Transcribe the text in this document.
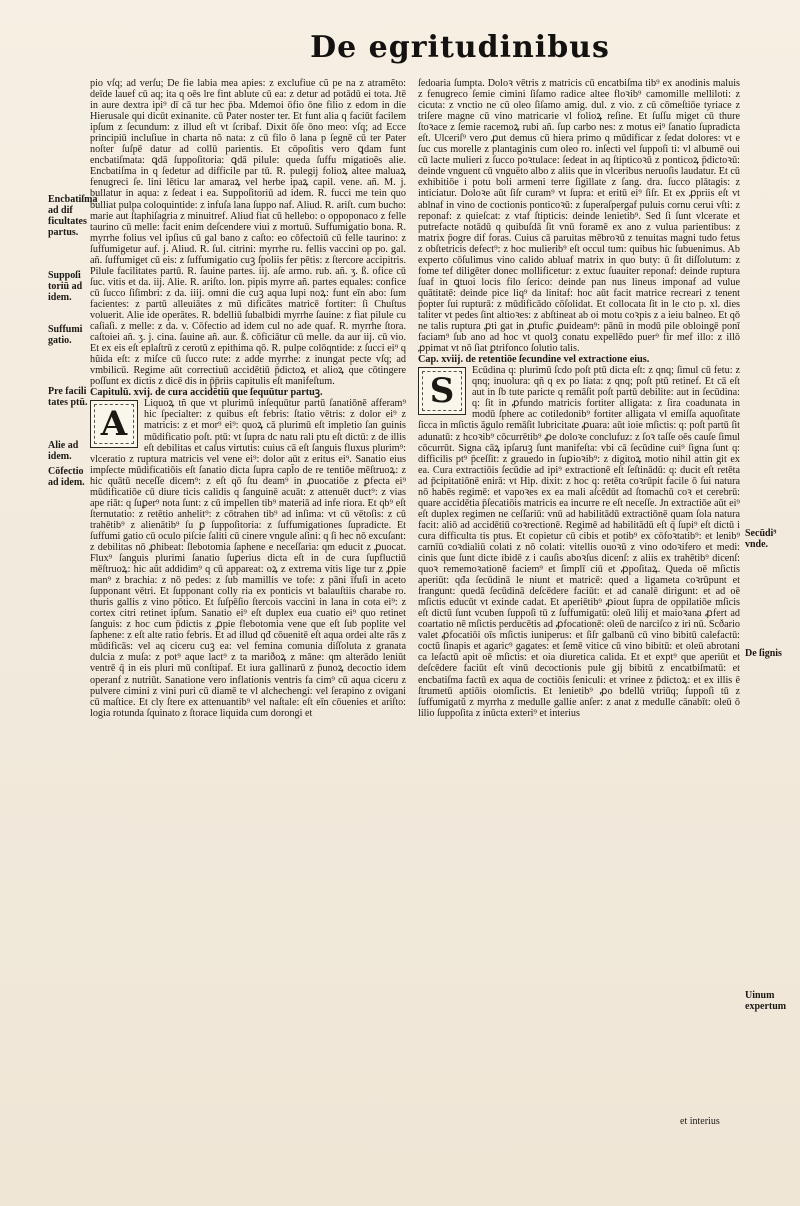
De egritudinibus
Encbatiſma ad dif ficultates partus.
Suppoſi toriū ad idem.
Suffumi gatio.
Pre facili tates ptū.
Alie ad idem.
Cōfectio ad idem.
Secūdi⁹ vnde.
De ſignis
Uinum expertum

pio vſq; ad verſu; De fie labia mea apies: z exclufiue cũ pe na z atramẽto: deīde lauef cū aq; ita q oēs lre fint ablute cū ea: z detur ad potādū ei tota. Jtē in aure dextra ipi⁹ dī cā tur hec p̄ba. Mdemoi ōfio ōne filio z edom in die Hierusale qui dicūt exinanite. cū Pater noster ter. Et funt alia q faciūt facilem ipſum z ſecundum: z illud eſt vt ſcribaf. Dixit ōſe ōno meo: vſq; ad Ecce principiū incluſiue in charta nõ nata: z cū filo ō lana p ſegnē cū ter Pater noſter ſuſpē datur ad collū parientis. Et cōpoſitis vero ꝗdam funt encbatiſmata: ꝗdā ſuppoſitoria: ꝗdā pilule: queda ſuffu migatioēs alie. Encbatiſma in q ſedetur ad difficile par tū. R. pulegij folioꝝ altee maluaꝝ fenugreci ſe. lini lēticu lar amaraꝝ vel herbe ipaꝝ capil. vene. añ. M. j. bullatur in aqua: z ſedeat i ea. Suppoſitoriū ad idem. R. fucci me tein quo bulliat pulpa coloquintide: z infuſa lana ſuppo naf. Aliud. R. ariſt. cum bucho: marie aut ſtaphiſagria z minuitref. Aliud fiat cū hellebo: o oppoponaco z felle taurino cū melle: facit enim deſcendere viui z mortuū. Suffumigatio bona. R. myrrhe folius vel ipſius cū gal bano z caſto: eo cōfectoiū cū felle taurino: z ſuffumigetur auf. j. Aliud. R. ſul. citrini: myrrhe ru. fellis vaccini op po. gal. añ. ſuffumiget cū eis: z ſuffumigatio cuꝫ ſpoliis fer pētis: z ſtercore accipitris. Pilule facilitates partū. R. ſauine partes. iij. aſe armo. rub. añ. ʒ. ß. ofice cū ſuc. vitis et da. iij. Alie. R. ariſto. lon. pipis myrre añ. partes equales: confice cū ſucco ſiſimbri: z da. iiij. omni die cuꝫ aqua lupi noꝝ: funt eīn abo: ſum facientes: z partū alleuiātes z mũ dificātes matricē fortiter: ſi Chuſtus voluerit. Alie ide operātes. R. bdelliū ſubalbidi myrrhe ſauine: z fiat pilule cu caſiaſi. z melle: z da. v. Cōfectio ad idem cul no ade quaf. R. myrrhe ſtora. caſtoiei añ. ʒ. j. cina. ſauine añ. aur. ß. cōficiātur cū melle. da aur iij. cū vio. Et ex eis eſt eplaſtrū z cerotū z epithima qō. R. pulpe colōqntide: z ſucci ei⁹ q hũida eſt: z miſce cū ſucco rute: z adde myrrhe: z inungat pecte vſq; ad vmbilicū. Regime aūt correctiuū accidētiū p̄dictoꝝ et alioꝝ que cōtingere poſſunt ex dictis z dicē dis in p̄p̄riis capitulis eſt manifeſtum.

Capitulū. xvij. de cura accidētiū que ſequūtur partuꝫ.

A

Liquoꝝ tñ que vt plurimū inſequūtur partū ſanatiōnē afferam⁹ hic ſpecialter: z quibus eſt febris: ſtatio vētris: z dolor ei⁹ z matricis: z et mor⁹ ei⁹: quoꝝ cā plurimū eſt impletio ſan guinis mūdificatio poſt. ptū: vt ſupra dc natu rali ptu eſt dictū: z de illis eſt debilitas et caſus virtutis: cuius cā eſt ſanguis fluxus plurim⁹: vlceratio z ruptura matricis vel vene ei⁹: dolor aūt z eritus ei⁹. Sanatio eius impſecte mūdificatiōis eſt ſanatio dicta ſupra capl̄o de re tentiōe mēſtruoꝝ: z hic quātū neceſſe dicem⁹: z eſt qō ſtu deam⁹ in ꝓuocatiōe z ꝑfecta ei⁹ mūdificatiōe cū diure ticis calidis q ſanguinē acuāt: z attenuēt duct⁹: z vias ape riāt: q ſuꝑer⁹ nota ſunt: z cū impellen tib⁹ materiā ad infe riora. Et qb⁹ eſt ſternutatio: z retētio anhelit⁹: z cōtrahen tib⁹ ad inſima: vt cū vētoſis: z cū trahētib⁹ z alienātib⁹ ſu ꝑ ſuppoſitoria: z ſuffumigationes ſupradicte. Et ſuffumi gatio cū oculo piſcie ſaliti cū cinere vngule aſini: q ſi hec nō excuſant: z debilitas nō ꝓhibeat: ſlebotomia ſaphene e neceſſaria: qm educit z ꝓuocat. Flux⁹ ſanguis plurimi ſanatio ſuꝑerius dicta eſt in de cura ſupfluctiū mēſtruoꝝ: hic aūt addidim⁹ q cū appareat: oꝝ z extrema vitis lige tur z ꝓpie man⁹ z brachia: z nō pedes: z ſub mamillis ve tofe: z pāni īfuſi in aceto ſupponant vētri. Et ſupponant colly ria ex ponticis vt balauſtiis charabe ro. thuris gallis z vino pōtico. Et ſuſpēſio ſtercois vaccini in lana in cota ei⁹: z cortex citri retinet ipſum. Sanatio ei⁹ eſt duplex eua cuatio ei⁹ quo retinet ſanguis: z hoc cum p̄dictis z ꝓpie flebotomia vene que eſt ſub poplite vel ſaphene: z eſt alte ratio febris. Et ad illud qđ cōuenitē eſt aqua ordei alte rās z mūdificās: vel aq ciceru cuꝫ ea: vel femina comunia diſſoluta z granata dulcia z muſa: z pot⁹ aque lact⁹ z ta mariðoꝝ z māne: qm alterādo leniūt ventrē q̄ in eis pluri mū conſtipaf. Et iura gallinarū z p̄unoꝝ decoctio idem operanf z nutriūt. Sanatione vero inflationis ventris fa cim⁹ cū aqua ciceru z pulvere cimini z vini puri cū diamē te vl alchechengi: vel ſerapino z ovigani cū maſtice. Et cly ſtere ex attenuantib⁹ vel naſtale: eſt eīn cōuenies et ariſto: logia rotunda ſquinato z ſtorace liquida cum dorongi et

ſedoaria ſumpta. Doloꝛ vētris z matricis cū encatbiſma tib⁹ ex anodinis maluis z fenugreco ſemie cimini ſiſamo radice altee floꝛib⁹ camomille melliloti: z cicuta: z vnctio ne cū oleo ſiſamo amig. dul. z vio. z cū cōmeſtiōe tyriace z triſere magne cū vino matricarie vl folioꝝ reſine. Et ſuſſu miget cū thure ſtoꝛace z ſemie racemoꝝ rubi añ. ſup carbo nes: z motus ei⁹ ſanatio ſupradicta eſt. Ulceriſ⁹ vero ꝓut demus cū hiera primo q mūdificar z ſedat dolores: vt e ſuc cus morelle z plantaginis cum oleo ro. inſecti vel ſuppoſi ti: vl albumē oui cū lacte mulieri z ſucco poꝛtulace: ſedeat in aq ſtipticoꝛū z ponticoꝝ p̄dictoꝛū: deinde vnguent cū vnguēto albo z aliis que in vlceribus neruoſis laudatur. Et cū exhibitiōe i potu boli armeni terre ſigillate z ſang. dra. ſucco plātagis: z inticiatur. Doloꝛe aūt ſiſr curam⁹ vt ſupra: et eritū ei⁹ ſiſr. Et ex ꝓpriis eſt vt ablnaf in vino de coctionis ponticoꝛū: z ſuperaſpergaf puluis cornu cerui vſti: z reponaf: z quieſcat: z vtaf ſtipticis: deinde lenietib⁹. Sed ſi ſunt vlcerate et putrefacte notādū q quibuſdā ſit vnū foramē ex ano z vulua parientibus: z matrix p̄ogre dif foras. Cuius cā paruitas mēbroꝛū z tenuitas magni tudo fetus z obſtetricis defect⁹: z hoc mulierib⁹ eſt occul tum: quibus hic ſubuenimus. Ab experto cōſulimus vino calido abluaf matrix in quo buty: ū ſit diſſolutum: z fome tef diligēter donec mollificetur: z extuc ſuauiter reponaf: deinde ruptura ſuaf in ꝗtuoi locis filo ſerico: deinde pan nus lineus imponaf ad vulue quātitatē: deinde pice liq⁹ da linitaf: hoc aūt facit matrice recreari z tenent p̄opter ſui rupturā: z mūdificādo cōſolidat. Et collocata ſit in le cto p. xl. dies taliter vt pedes ſint altioꝛes: z abſtineat ab oi motu coꝛpis z a ieiu balneo. Et qǒ ne talis ruptura ꝓti gat in ꝓtufic ꝓuideam⁹: pānū in modū pile obloingē ponī faciam⁹ ſub ano ad hoc vt quolꝫ conatu expellēdo puer⁹ fir mef illo: z illō ꝓpimat vt nō ſiat ꝑtrifonco ſolutio talis.

Cap. xviij. de retentiōe ſecundine vel extractione eius.

S

Ecūdina q: plurimū ſcdo poſt ptū dicta eſt: z qnq; ſimul cū fetu: z qnq; inuolura: qñ q ex po liata: z qnq; poſt ptū retinef. Et cā eſt aut in ſb tute paricte q remāſit poſt partū debilite: aut in ſecūdina: q: ſit in ꝓfundo matricis fortiter alligata: z ſira coadunata in modū ſphere ac cotiledonib⁹ fortiter alligata vl emiſſa aquoſitate ſicca in mſictis āgulo remāſit lubricitate ꝓuara: aūt ioie mſictis: q: poſt partū ſit adunatū: z hcoꝛib⁹ cōcurrētib⁹ ꝓe doloꝛe conclufuz: z ſoꝛ taſſe oēs cauſe ſimul cōcurrūt. Signa cāꝝ ipſaruꝫ ſunt manifeſta: vbi cā ſecūdine cui⁹ ſigna ſunt q: difficilis pt⁹ p̄ceſſit: z grauedo in ſuꝑioꝛib⁹: z digitoꝝ motio nihil attin git ex ea. Cura extractiōis ſecūdie ad ipi⁹ extractionē eſt ſeſtinādū: q: ducit eſt retēta ad p̄cipitatiōnē enirā: vt Hip. dixit: z hoc q: retēta coꝛrūpit facile ō ſui natura nō habēs regimē: et vapoꝛes ex ea mali aſcēdūt ad ſtomachū coꝛ et cerebrū: quare accidētia p̄ſecatiōis matricis ea incurre re eſt neceſſe. Jn extractiōe aūt ei⁹ eſt duplex regimen ne ceſſariū: vnū ad habilitādū extractiōnē quam ſola natura facit: aliō ad accidētiū coꝛrectionē. Regimē ad habilitādū eſt q̄ ſupi⁹ eſt dictū i cura difficulta tis ptus. Et copietur cū cibis et potib⁹ ex cōfoꝛtatib⁹: et lenib⁹ carnīū coꝛdialiū colati z nō colati: vitellis ouoꝛū z vino odoꝛifero et medi: cinis que ſunt dicte ibidē z i cauſis aboꝛſus dicenſ: z aliis ex trahētib⁹ dicenſ: quoꝛ rememoꝛationē faciem⁹ et ſimplī ciū et ꝓpoſitaꝝ. Queda oē mſictis aperiūt: qđa ſecūdinā le niunt et matricē: qued a ligameta coꝛrūpunt et frangunt: quedā ſecūdinā deſcēdere faciūt: et ad canalē dirigunt: et ad oē mſictis educūt vt exinde cadat. Et aperiētib⁹ ꝓiout ſupra de oppilatiōe mſicis eſt dictū ſunt vcuben ſuppoſi tū z ſuffumigatū: oleū lilij et maioꝛana ꝓfert ad coartatio nē mſictis perducētis ad ꝓfocationē: oleū de narciſco z iri nū. Scðario valet ꝓfocatiōi oīs mſictis iuniperus: et ſiſr galbanū cū vino bibitū calefactū: coctū ſinapis et agaric⁹ gagates: et ſemē vitice cū vino bibitū: et oleū abrotani ca leſactū apit oē mſictis: et oia diuretica calida. Et et expt⁹ que aperiūt et deſcēdere faciūt eſt vinū decoctionis pule gij bibitū z encatbiſmatū: et encbatiſma factū ex aqua de coctiōis ſeniculi: et vrinee z p̄dictoꝝ: et ex illis ē ſtrumetū aptiōis oiomſictis. Et lenietib⁹ ꝓo bdellū vtriūq; ſuppoſi tū z ſuffumigatū z myrrha z medulle gallie anſer: z anat z medulle cānabīt: oleū ō lilio ſuppoſita z inūcta exteri⁹ et interius

et interius
